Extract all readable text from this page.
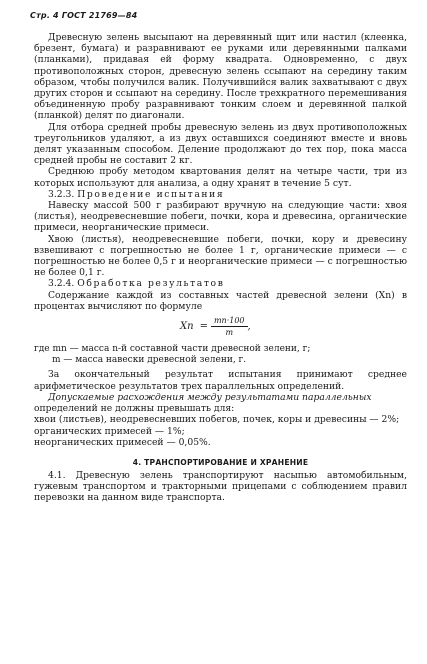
Стр. 4 ГОСТ 21769—84

Древесную зелень высыпают на деревянный щит или настил (клеенка, брезент, бумага) и разравнивают ее руками или деревянными палками (планками), придавая ей форму квадрата. Одновременно, с двух противоположных сторон, древесную зелень ссыпают на середину таким образом, чтобы получился валик. Получившийся валик захватывают с двух других сторон и ссыпают на середину. После трехкратного перемешивания объединенную пробу разравнивают тонким слоем и деревянной палкой (планкой) делят по диагонали.

Для отбора средней пробы древесную зелень из двух противоположных треугольников удаляют, а из двух оставшихся соединяют вместе и вновь делят указанным способом. Деление продолжают до тех пор, пока масса средней пробы не составит 2 кг.

Среднюю пробу методом квартования делят на четыре части, три из которых используют для анализа, а одну хранят в течение 5 сут.

3.2.3. Проведение испытания

Навеску массой 500 г разбирают вручную на следующие части: хвоя (листья), неодревесневшие побеги, почки, кора и древесина, органические примеси, неорганические примеси.

Хвою (листья), неодревесневшие побеги, почки, кору и древесину взвешивают с погрешностью не более 1 г, органические примеси — с погрешностью не более 0,5 г и неорганические примеси — с погрешностью не более 0,1 г.

3.2.4. Обработка результатов

Содержание каждой из составных частей древесной зелени (Xn) в процентах вычисляют по формуле

$Xn = \frac{mn\cdot 100}{m}$ ,

где mn — масса n-й составной части древесной зелени, г;

m — масса навески древесной зелени, г.

За окончательный результат испытания принимают среднее арифметическое результатов трех параллельных определений.

Допускаемые расхождения между результатами параллельных

определений не должны превышать для:

хвои (листьев), неодревесневших побегов, почек, коры и древесины — 2%;

органических примесей — 1%;

неорганических примесей — 0,05%.

4. ТРАНСПОРТИРОВАНИЕ И ХРАНЕНИЕ

4.1. Древесную зелень транспортируют насыпью автомобильным, гужевым транспортом и тракторными прицепами с соблюдением правил перевозки на данном виде транспорта.
